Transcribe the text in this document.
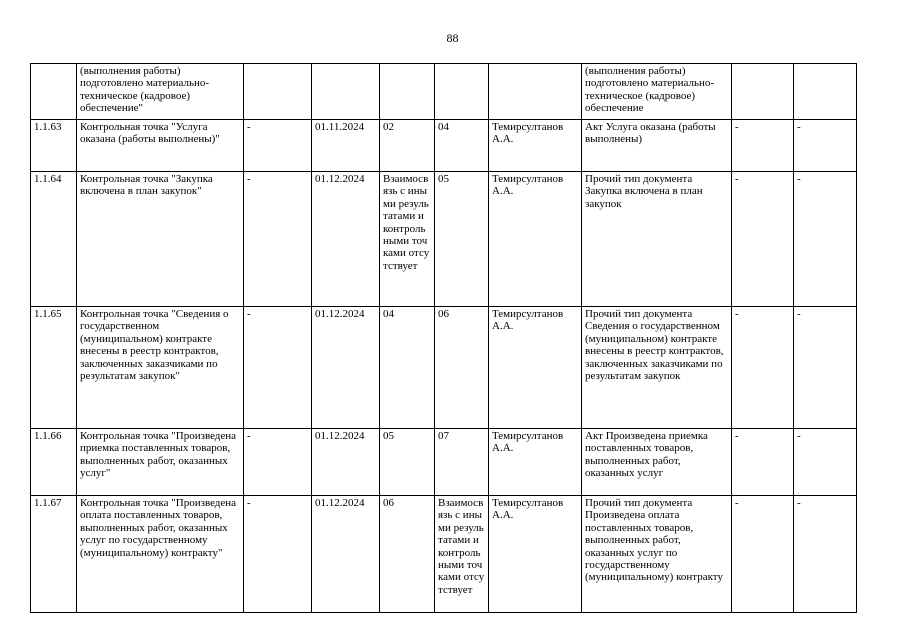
88
	(выполнения работы) подготовлено материально-техническое (кадровое) обеспечение"						(выполнения работы) подготовлено материально-техническое (кадровое) обеспечение		
1.1.63	Контрольная точка "Услуга оказана (работы выполнены)"	-	01.11.2024	02	04	Темирсултанов А.А.	Акт Услуга оказана (работы выполнены)	-	-
1.1.64	Контрольная точка "Закупка включена в план закупок"	-	01.12.2024	Взаимосвязь с иными результатами и контрольными точками отсутствует	05	Темирсултанов А.А.	Прочий тип документа Закупка включена в план закупок	-	-
1.1.65	Контрольная точка "Сведения о государственном (муниципальном) контракте внесены в реестр контрактов, заключенных заказчиками по результатам закупок"	-	01.12.2024	04	06	Темирсултанов А.А.	Прочий тип документа Сведения о государственном (муниципальном) контракте внесены в реестр контрактов, заключенных заказчиками по результатам закупок	-	-
1.1.66	Контрольная точка "Произведена приемка поставленных товаров, выполненных работ, оказанных услуг"	-	01.12.2024	05	07	Темирсултанов А.А.	Акт Произведена приемка поставленных товаров, выполненных работ, оказанных услуг	-	-
1.1.67	Контрольная точка "Произведена оплата поставленных товаров, выполненных работ, оказанных услуг по государственному (муниципальному) контракту"	-	01.12.2024	06	Взаимосвязь с иными результатами и контрольными точками отсутствует	Темирсултанов А.А.	Прочий тип документа Произведена оплата поставленных товаров, выполненных работ, оказанных услуг по государственному (муниципальному) контракту	-	-
